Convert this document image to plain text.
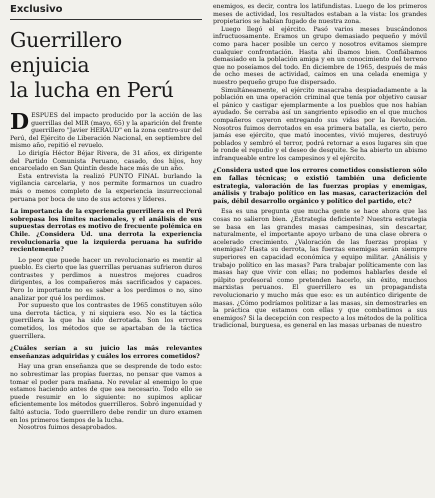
Exclusivo
Guerrillero enjuicia
la lucha en Perú

DESPUES del impacto producido por la acción de las guerrillas del MIR (mayo, 65) y la aparición del frente guerrillero "Javier HERAUD" en la zona centro-sur del Perú, del Ejército de Liberación Nacional, en septiembre del mismo año, repitió el revuelo.

Lo dirigía Héctor Béjar Rivera, de 31 años, ex dirigente del Partido Comunista Peruano, casado, dos hijos, hoy encarcelado en San Quintín desde hace más de un año.

Esta entrevista la realizó PUNTO FINAL burlando la vigilancia carcelaria, y nos permite formarnos un cuadro más o menos completo de la experiencia insurreccional peruana por boca de uno de sus actores y líderes.

La importancia de la experiencia guerrillera en el Perú sobrepasa los límites nacionales, y el análisis de sus supuestas derrotas es motivo de frecuente polémica en Chile. ¿Considera Ud. una derrota la experiencia revolucionaria que la izquierda peruana ha sufrido recientemente?

Lo peor que puede hacer un revolucionario es mentir al pueblo. Es cierto que las guerrillas peruanas sufrieron duros contrastes y perdimos a nuestros mejores cuadros dirigentes, a los compañeros más sacrificados y capaces. Pero lo importante no es saber a los perdimos o no, sino analizar por qué los perdimos.

Por supuesto que los contrastes de 1965 constituyen sólo una derrota táctica, y ni siquiera eso. No es la táctica guerrillera la que ha sido derrotada. Son los errores cometidos, los métodos que se apartaban de la táctica guerrillera.

¿Cuáles serían a su juicio las más relevantes enseñanzas adquiridas y cuáles los errores cometidos?

Hay una gran enseñanza que se desprende de todo esto: no sobrestimar las propias fuerzas, no pensar que vamos a tomar el poder para mañana. No revelar al enemigo lo que estamos haciendo antes de que sea necesario. Todo ello se puede resumir en lo siguiente: no supimos aplicar eficientemente los métodos guerrilleros. Sobró ingenuidad y faltó astucia. Todo guerrillero debe rendir un duro examen en los primeros tiempos de la lucha.

Nosotros fuimos desaprobados.

enemigos, es decir, contra los latifundistas. Luego de los primeros meses de actividad, los resultados estaban a la vista: los grandes propietarios se habían fugado de nuestra zona.

Luego llegó el ejército. Pasó varios meses buscándonos infructuosamente. Eramos un grupo demasiado pequeño y móvil como para hacer posible un cerco y nosotros evitamos siempre cualquier confrontación. Hasta ahí íbamos bien. Confiábamos demasiado en la población amiga y en un conocimiento del terreno que no poseíamos del todo. En diciembre de 1965, después de más de ocho meses de actividad, caímos en una celada enemiga y nuestro pequeño grupo fue dispersado.

Simultáneamente, el ejército masacraba despiadadamente a la población en una operación criminal que tenía por objetivo causar el pánico y castigar ejemplarmente a los pueblos que nos habían ayudado. Se cerraba así un sangriento episodio en el que muchos compañeros cayeron entregando sus vidas por la Revolución. Nosotros fuimos derrotados en esa primera batalla, es cierto, pero jamás ese ejército, que mató inocentes, vivió mujeres, destruyó poblados y sembró el terror, podrá retornar a esos lugares sin que le ronde el repudio y el deseo de desquite. Se ha abierto un abismo infranqueable entre los campesinos y el ejército.

¿Considera usted que los errores cometidos consistieron sólo en fallas técnicas; o existió también una deficiente estrategia, valoración de las fuerzas propias y enemigas, análisis y trabajo político en las masas, caracterización del país, débil desarrollo orgánico y político del partido, etc?

Esa es una pregunta que mucha gente se hace ahora que las cosas no salieron bien. ¿Estrategia deficiente? Nuestra estrategia se basa en las grandes masas campesinas, sin descartar, naturalmente, el importante apoyo urbano de una clase obrera o acelerado crecimiento. ¿Valoración de las fuerzas propias y enemigas? Hasta su derrota, las fuerzas enemigas serán siempre superiores en capacidad económica y equipo militar. ¿Análisis y trabajo político en las masas? Para trabajar políticamente con las masas hay que vivir con ellas; no podemos hablarles desde el púlpito profesoral como pretenden hacerlo, sin éxito, muchos marxistas peruanos. El guerrillero es un propagandista revolucionario y mucho más que eso: es un auténtico dirigente de masas. ¿Cómo podríamos politizar a las masas, sin demostrarles en la práctica que estamos con ellas y que combatimos a sus enemigos? Si la decepción con respecto a los métodos de la política tradicional, burguesa, es general en las masas urbanas de nuestro
